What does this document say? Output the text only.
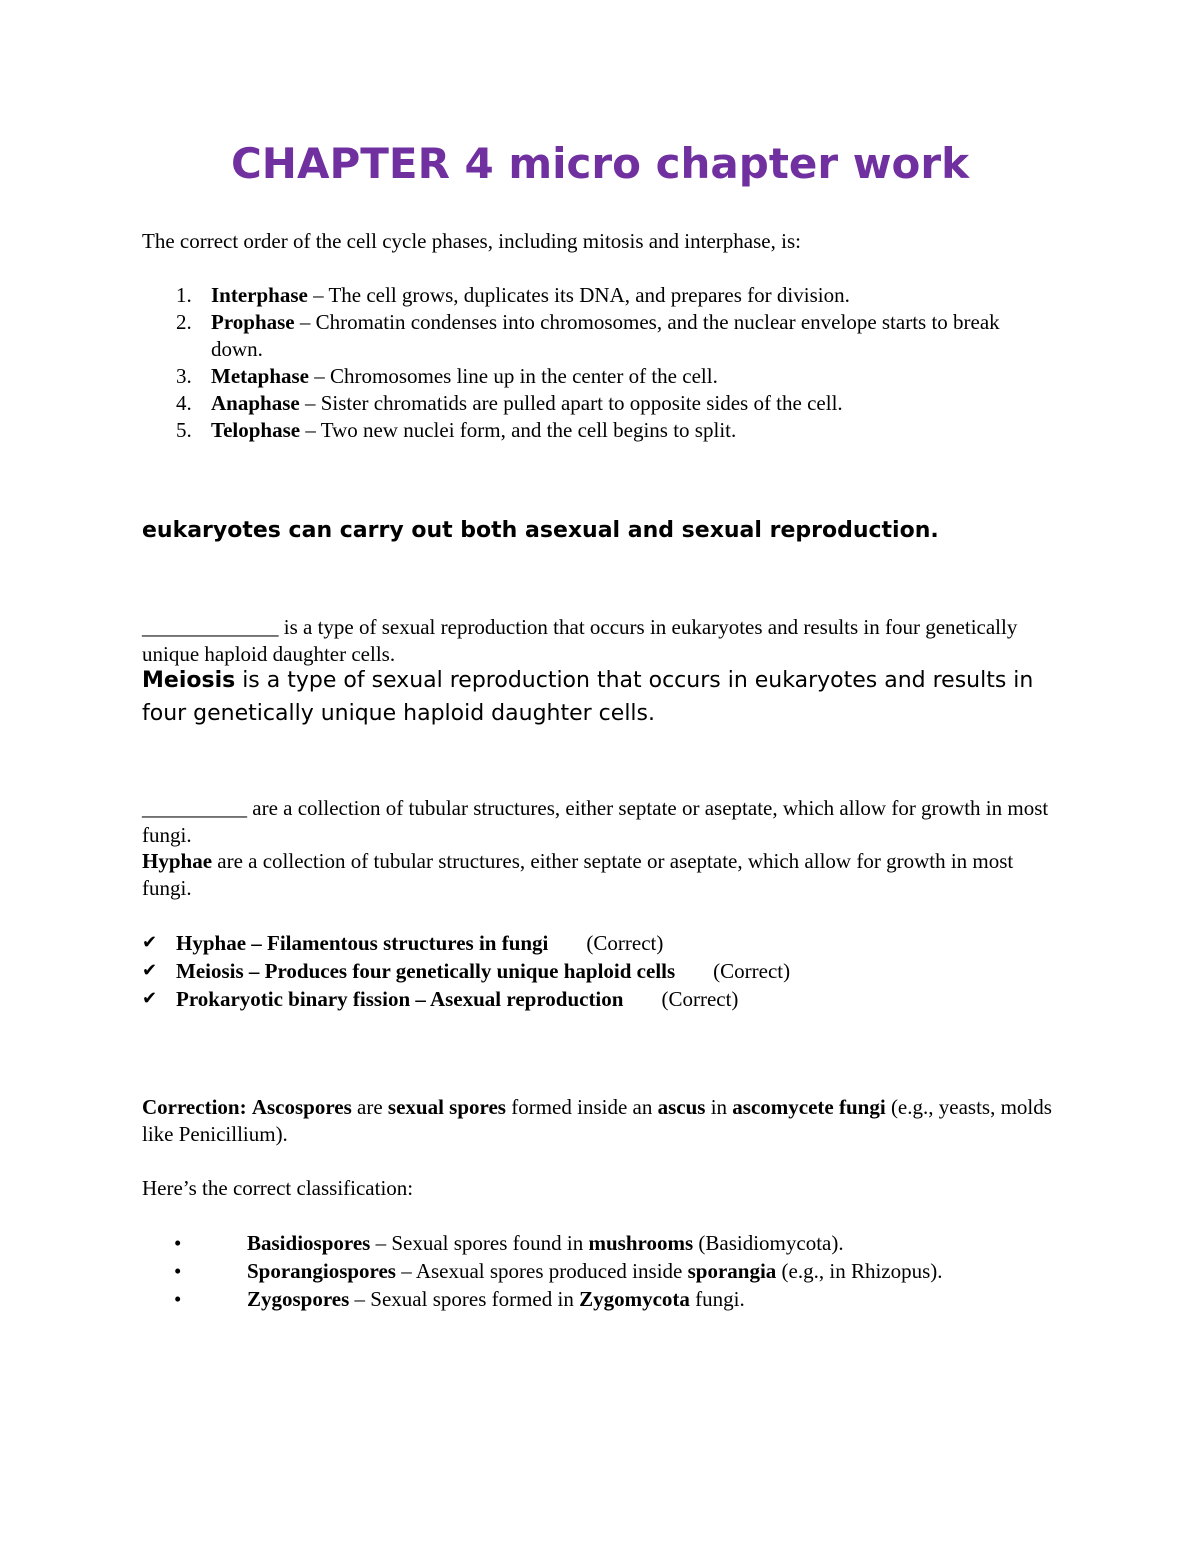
CHAPTER 4 micro chapter work

The correct order of the cell cycle phases, including mitosis and interphase, is:

1. Interphase – The cell grows, duplicates its DNA, and prepares for division.
2. Prophase – Chromatin condenses into chromosomes, and the nuclear envelope starts to break down.
3. Metaphase – Chromosomes line up in the center of the cell.
4. Anaphase – Sister chromatids are pulled apart to opposite sides of the cell.
5. Telophase – Two new nuclei form, and the cell begins to split.

eukaryotes can carry out both asexual and sexual reproduction.

_____________ is a type of sexual reproduction that occurs in eukaryotes and results in four genetically unique haploid daughter cells.

Meiosis is a type of sexual reproduction that occurs in eukaryotes and results in four genetically unique haploid daughter cells.

__________ are a collection of tubular structures, either septate or aseptate, which allow for growth in most fungi.

Hyphae are a collection of tubular structures, either septate or aseptate, which allow for growth in most fungi.

✔ Hyphae – Filamentous structures in fungi (Correct)
✔ Meiosis – Produces four genetically unique haploid cells (Correct)
✔ Prokaryotic binary fission – Asexual reproduction (Correct)

Correction: Ascospores are sexual spores formed inside an ascus in ascomycete fungi (e.g., yeasts, molds like Penicillium).

Here’s the correct classification:

•	Basidiospores – Sexual spores found in mushrooms (Basidiomycota).
•	Sporangiospores – Asexual spores produced inside sporangia (e.g., in Rhizopus).
•	Zygospores – Sexual spores formed in Zygomycota fungi.
